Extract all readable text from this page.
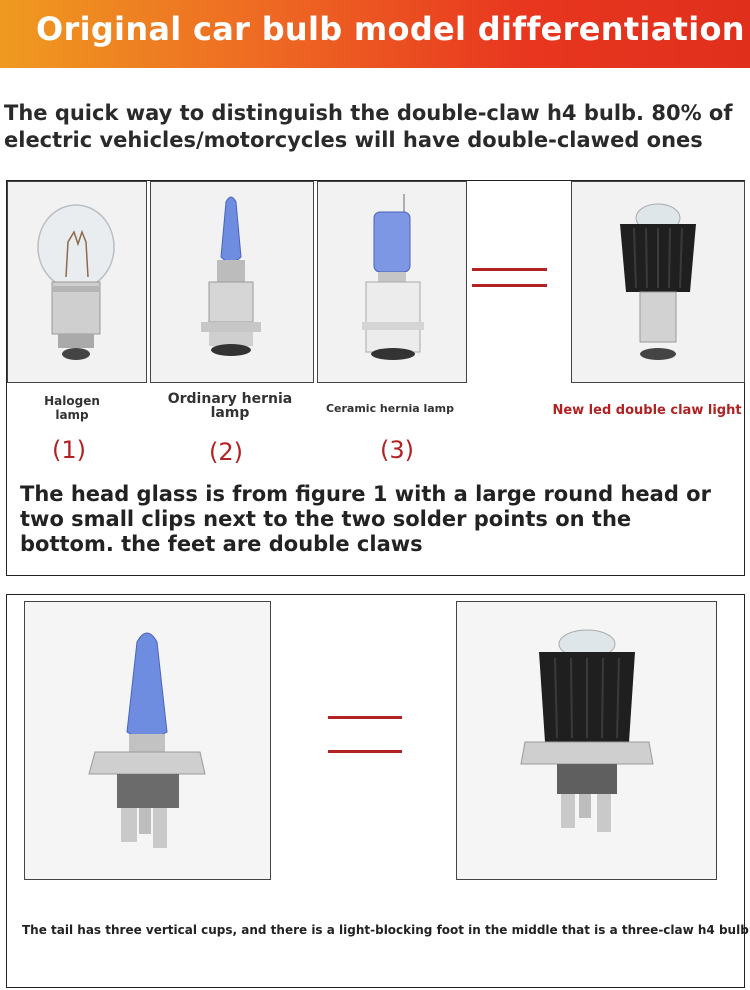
Original car bulb model differentiation
The quick way to distinguish the double-claw h4 bulb. 80% of electric vehicles/motorcycles will have double-clawed ones
Halogen lamp
Ordinary hernia lamp	Ceramic hernia lamp	New led double claw light
(1)	(2)	(3)
The head glass is from figure 1 with a large round head or two small clips next to the two solder points on the bottom. the feet are double claws
The tail has three vertical cups, and there is a light-blocking foot in the middle that is a three-claw h4 bulb
